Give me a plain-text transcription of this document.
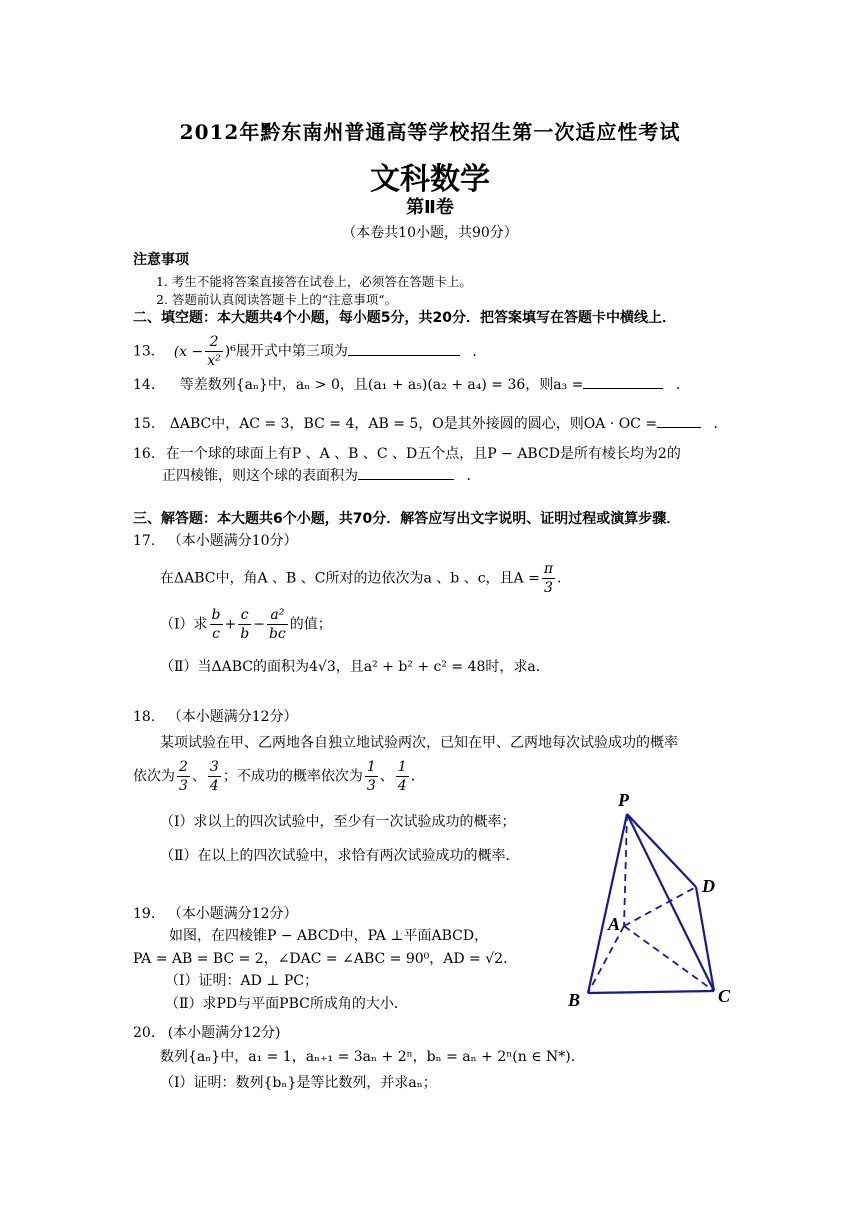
2012年黔东南州普通高等学校招生第一次适应性考试
文科数学
第Ⅱ卷
（本卷共10小题，共90分）
注意事项
1. 考生不能将答案直接答在试卷上，必须答在答题卡上。
2. 答题前认真阅读答题卡上的“注意事项“。
二、填空题：本大题共4个小题，每小题5分，共20分．把答案填写在答题卡中横线上．
13. $(x - \frac{2}{\text{x²}} )^6$展开式中第三项为	．
14. 等差数列{aₙ}中，aₙ > 0，且(a₁ + a₅)(a₂ + a₄) = 36，则a₃ =	．
15. ΔABC中，AC = 3，BC = 4，AB = 5，O是其外接圆的圆心，则OA · OC =	．
16. 在一个球的球面上有P 、A 、B 、C 、D五个点，且P − ABCD是所有棱长均为2的
正四棱锥，则这个球的表面积为	．
三、解答题：本大题共6个小题，共70分．解答应写出文字说明、证明过程或演算步骤．
17. （本小题满分10分）
在ΔABC中，角A 、B 、C所对的边依次为a 、b 、c，且$A = \frac{\pi}{3}$ ．
（Ⅰ）求 $\frac{b}{c} + \frac{c}{b} - \frac{\text{a²}}{bc}$ 的值；
（Ⅱ）当ΔABC的面积为4√3，且a² + b² + c² = 48时，求a．
18. （本小题满分12分）
某项试验在甲、乙两地各自独立地试验两次，已知在甲、乙两地每次试验成功的概率
依次为 $\frac{2}{3}$ 、 $\frac{3}{4}$ ；不成功的概率依次为 $\frac{1}{3}$ 、 $\frac{1}{4}$ ．
（Ⅰ）求以上的四次试验中，至少有一次试验成功的概率；
（Ⅱ）在以上的四次试验中，求恰有两次试验成功的概率．
19. （本小题满分12分）
如图，在四棱锥P − ABCD中，PA ⊥平面ABCD，
PA = AB = BC = 2，∠DAC = ∠ABC = 90⁰，AD = √2．
（Ⅰ）证明：AD ⊥ PC；
（Ⅱ）求PD与平面PBC所成角的大小．
20. (本小题满分12分)
数列{aₙ}中，a₁ = 1，aₙ₊₁ = 3aₙ + 2ⁿ，bₙ = aₙ + 2ⁿ(n ∈ N*)．
（Ⅰ）证明：数列{bₙ}是等比数列，并求aₙ；
P
A
B	C
D
